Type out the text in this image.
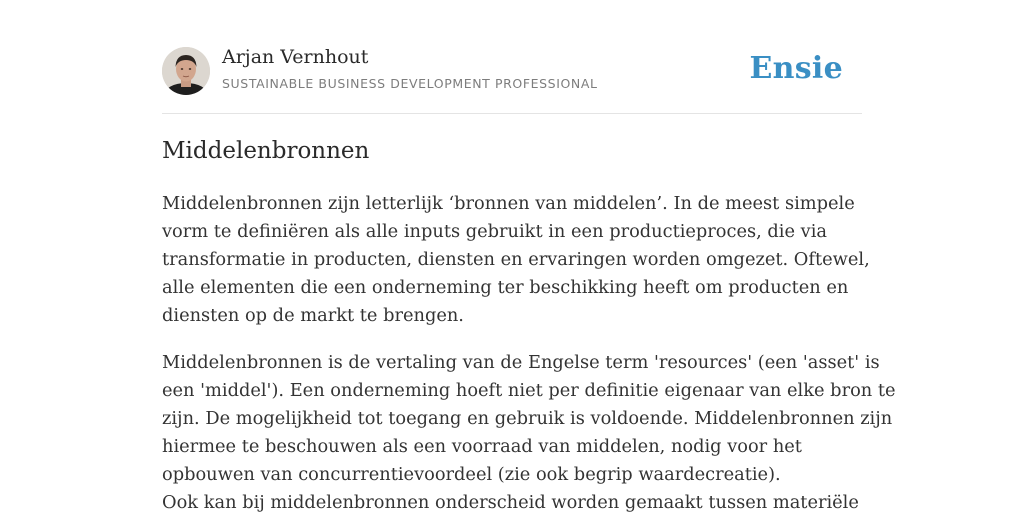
Arjan Vernhout
SUSTAINABLE BUSINESS DEVELOPMENT PROFESSIONAL	Ensie
Middelenbronnen
Middelenbronnen zijn letterlijk ‘bronnen van middelen’. In de meest simpele
vorm te definiëren als alle inputs gebruikt in een productieproces, die via
transformatie in producten, diensten en ervaringen worden omgezet. Oftewel,
alle elementen die een onderneming ter beschikking heeft om producten en
diensten op de markt te brengen.
Middelenbronnen is de vertaling van de Engelse term 'resources' (een 'asset' is
een 'middel'). Een onderneming hoeft niet per definitie eigenaar van elke bron te
zijn. De mogelijkheid tot toegang en gebruik is voldoende. Middelenbronnen zijn
hiermee te beschouwen als een voorraad van middelen, nodig voor het
opbouwen van concurrentievoordeel (zie ook begrip waardecreatie).
Ook kan bij middelenbronnen onderscheid worden gemaakt tussen materiële
